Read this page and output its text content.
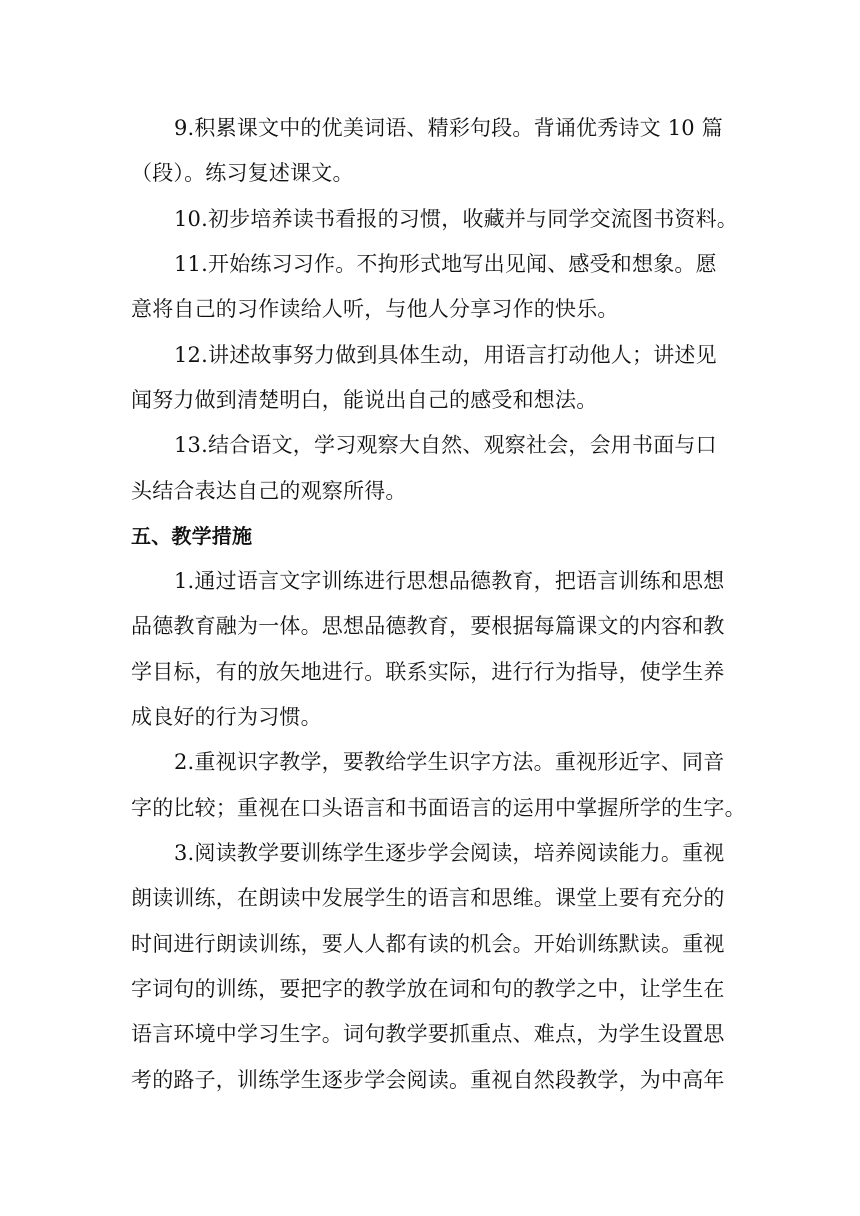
9.积累课文中的优美词语、精彩句段。背诵优秀诗文 10 篇
（段）。练习复述课文。
10.初步培养读书看报的习惯，收藏并与同学交流图书资料。
11.开始练习习作。不拘形式地写出见闻、感受和想象。愿
意将自己的习作读给人听，与他人分享习作的快乐。
12.讲述故事努力做到具体生动，用语言打动他人；讲述见
闻努力做到清楚明白，能说出自己的感受和想法。
13.结合语文，学习观察大自然、观察社会，会用书面与口
头结合表达自己的观察所得。
五、教学措施
1.通过语言文字训练进行思想品德教育，把语言训练和思想
品德教育融为一体。思想品德教育，要根据每篇课文的内容和教
学目标，有的放矢地进行。联系实际，进行行为指导，使学生养
成良好的行为习惯。
2.重视识字教学，要教给学生识字方法。重视形近字、同音
字的比较；重视在口头语言和书面语言的运用中掌握所学的生字。
3.阅读教学要训练学生逐步学会阅读，培养阅读能力。重视
朗读训练，在朗读中发展学生的语言和思维。课堂上要有充分的
时间进行朗读训练，要人人都有读的机会。开始训练默读。重视
字词句的训练，要把字的教学放在词和句的教学之中，让学生在
语言环境中学习生字。词句教学要抓重点、难点，为学生设置思
考的路子，训练学生逐步学会阅读。重视自然段教学，为中高年
